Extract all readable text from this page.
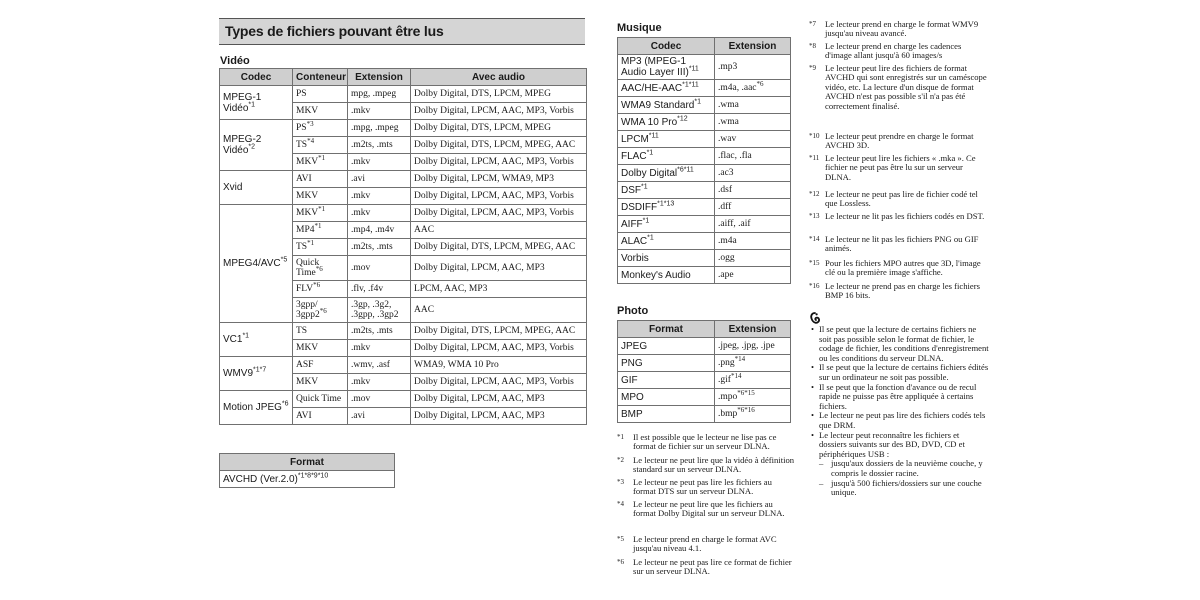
Types de fichiers pouvant être lus
Vidéo
Codec	Conteneur	Extension	Avec audio
MPEG-1 Vidéo$^{*1}$	PS	mpg, .mpeg	Dolby Digital, DTS, LPCM, MPEG
	MKV	.mkv	Dolby Digital, LPCM, AAC, MP3, Vorbis
MPEG-2 Vidéo$^{*2}$	PS$^{*3}$	.mpg, .mpeg	Dolby Digital, DTS, LPCM, MPEG
	TS$^{*4}$	.m2ts, .mts	Dolby Digital, DTS, LPCM, MPEG, AAC
	MKV$^{*1}$	.mkv	Dolby Digital, LPCM, AAC, MP3, Vorbis
Xvid	AVI	.avi	Dolby Digital, LPCM, WMA9, MP3
	MKV	.mkv	Dolby Digital, LPCM, AAC, MP3, Vorbis
MPEG4/AVC$^{*5}$	MKV$^{*1}$	.mkv	Dolby Digital, LPCM, AAC, MP3, Vorbis
	MP4$^{*1}$	.mp4, .m4v	AAC
	TS$^{*1}$	.m2ts, .mts	Dolby Digital, DTS, LPCM, MPEG, AAC
	Quick Time$^{*6}$	.mov	Dolby Digital, LPCM, AAC, MP3
	FLV$^{*6}$	.flv, .f4v	LPCM, AAC, MP3
	3gpp/ 3gpp2$^{*6}$	.3gp, .3g2, .3gpp, .3gp2	AAC
VC1$^{*1}$	TS	.m2ts, .mts	Dolby Digital, DTS, LPCM, MPEG, AAC
	MKV	.mkv	Dolby Digital, LPCM, AAC, MP3, Vorbis
$WMV9^{*1*7}$	ASF	.wmv, .asf	WMA9, WMA 10 Pro
	MKV	.mkv	Dolby Digital, LPCM, AAC, MP3, Vorbis
Motion JPEG$^{*6}$	Quick Time	.mov	Dolby Digital, LPCM, AAC, MP3
	AVI	.avi	Dolby Digital, LPCM, AAC, MP3
Format
AVCHD $(Ver.2.0)^{*1*8*9*10}$
Musique
Codec	Extension
MP3 (MPEG-1 Audio Layer III)$^{*11}$	.mp3
AAC/$HE-AAC^{*1*11}$	.m4a, .aac$^{*6}$
WMA9 Standard$^{*1}$	.wma
WMA 10 Pro$^{*12}$	.wma
LPCM$^{*11}$	.wav
FLAC$^{*1}$	.flac, .fla
Dolby Digital$^{*6*11}$	.ac3
DSF$^{*1}$	.dsf
$DSDIFF^{*1*13}$	.dff
AIFF$^{*1}$	.aiff, .aif
ALAC$^{*1}$	.m4a
Vorbis	.ogg
Monkey's Audio	.ape
Photo
Format	Extension
JPEG	.jpeg, .jpg, .jpe
PNG	.png$^{*14}$
GIF	.gif$^{*14}$
MPO	.mpo$^{*6*15}$
BMP	.bmp$^{*6*16}$
*1 Il est possible que le lecteur ne lise pas ce format de fichier sur un serveur DLNA.
*2 Le lecteur ne peut lire que la vidéo à définition standard sur un serveur DLNA.
*3 Le lecteur ne peut pas lire les fichiers au format DTS sur un serveur DLNA.
*4 Le lecteur ne peut lire que les fichiers au format Dolby Digital sur un serveur DLNA.
*5 Le lecteur prend en charge le format AVC jusqu'au niveau 4.1.
*6 Le lecteur ne peut pas lire ce format de fichier sur un serveur DLNA.
*7 Le lecteur prend en charge le format WMV9 jusqu'au niveau avancé.
*8 Le lecteur prend en charge les cadences d'image allant jusqu'à 60 images/s
*9 Le lecteur peut lire des fichiers de format AVCHD qui sont enregistrés sur un caméscope vidéo, etc. La lecture d'un disque de format AVCHD n'est pas possible s'il n'a pas été correctement finalisé.
*10 Le lecteur peut prendre en charge le format AVCHD 3D.
*11 Le lecteur peut lire les fichiers « .mka ». Ce fichier ne peut pas être lu sur un serveur DLNA.
*12 Le lecteur ne peut pas lire de fichier codé tel que Lossless.
*13 Le lecteur ne lit pas les fichiers codés en DST.
*14 Le lecteur ne lit pas les fichiers PNG ou GIF animés.
*15 Pour les fichiers MPO autres que 3D, l'image clé ou la première image s'affiche.
*16 Le lecteur ne prend pas en charge les fichiers BMP 16 bits.
• Il se peut que la lecture de certains fichiers ne soit pas possible selon le format de fichier, le codage de fichier, les conditions d'enregistrement ou les conditions du serveur DLNA.
• Il se peut que la lecture de certains fichiers édités sur un ordinateur ne soit pas possible.
• Il se peut que la fonction d'avance ou de recul rapide ne puisse pas être appliquée à certains fichiers.
• Le lecteur ne peut pas lire des fichiers codés tels que DRM.
• Le lecteur peut reconnaître les fichiers et dossiers suivants sur des BD, DVD, CD et périphériques USB :
– jusqu'aux dossiers de la neuvième couche, y compris le dossier racine.
– jusqu'à 500 fichiers/dossiers sur une couche unique.
